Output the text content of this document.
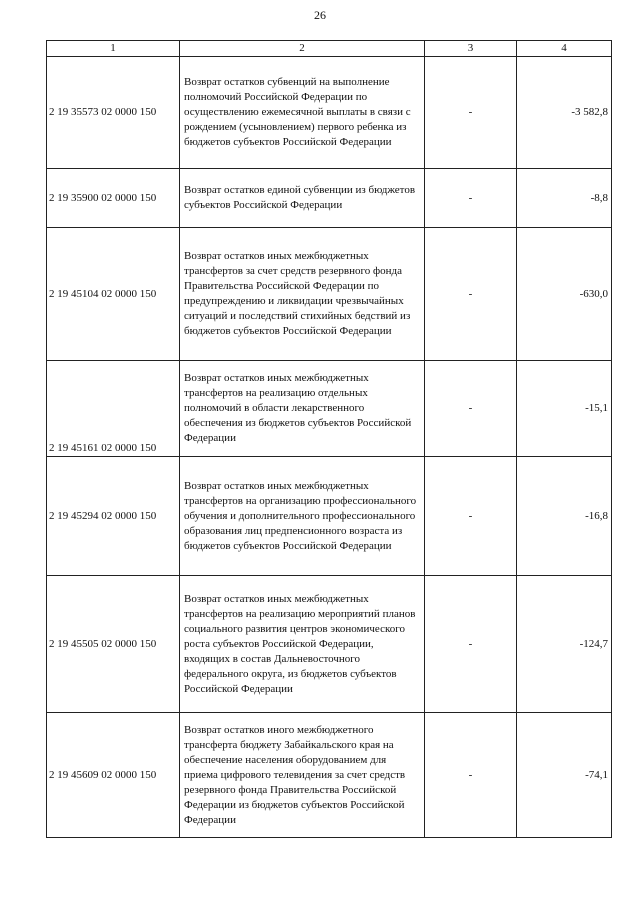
26
1	2	3	4
2 19 35573 02 0000 150	Возврат остатков субвенций на выполнение полномочий Российской Федерации по осуществлению ежемесячной выплаты в связи с рождением (усыновлением) первого ребенка из бюджетов субъектов Российской Федерации	-	-3 582,8
2 19 35900 02 0000 150	Возврат остатков единой субвенции из бюджетов субъектов Российской Федерации	-	-8,8
2 19 45104 02 0000 150	Возврат остатков иных межбюджетных трансфертов за счет средств резервного фонда Правительства Российской Федерации по предупреждению и ликвидации чрезвычайных ситуаций и последствий стихийных бедствий из бюджетов субъектов Российской Федерации	-	-630,0
2 19 45161 02 0000 150	Возврат остатков иных межбюджетных трансфертов на реализацию отдельных полномочий в области лекарственного обеспечения из бюджетов субъектов Российской Федерации	-	-15,1
2 19 45294 02 0000 150	Возврат остатков иных межбюджетных трансфертов на организацию профессионального обучения и дополнительного профессионального образования лиц предпенсионного возраста из бюджетов субъектов Российской Федерации	-	-16,8
2 19 45505 02 0000 150	Возврат остатков иных межбюджетных трансфертов на реализацию мероприятий планов социального развития центров экономического роста субъектов Российской Федерации, входящих в состав Дальневосточного федерального округа, из бюджетов субъектов Российской Федерации	-	-124,7
2 19 45609 02 0000 150	Возврат остатков иного межбюджетного трансферта бюджету Забайкальского края на обеспечение населения оборудованием для приема цифрового телевидения за счет средств резервного фонда Правительства Российской Федерации из бюджетов субъектов Российской Федерации	-	-74,1
